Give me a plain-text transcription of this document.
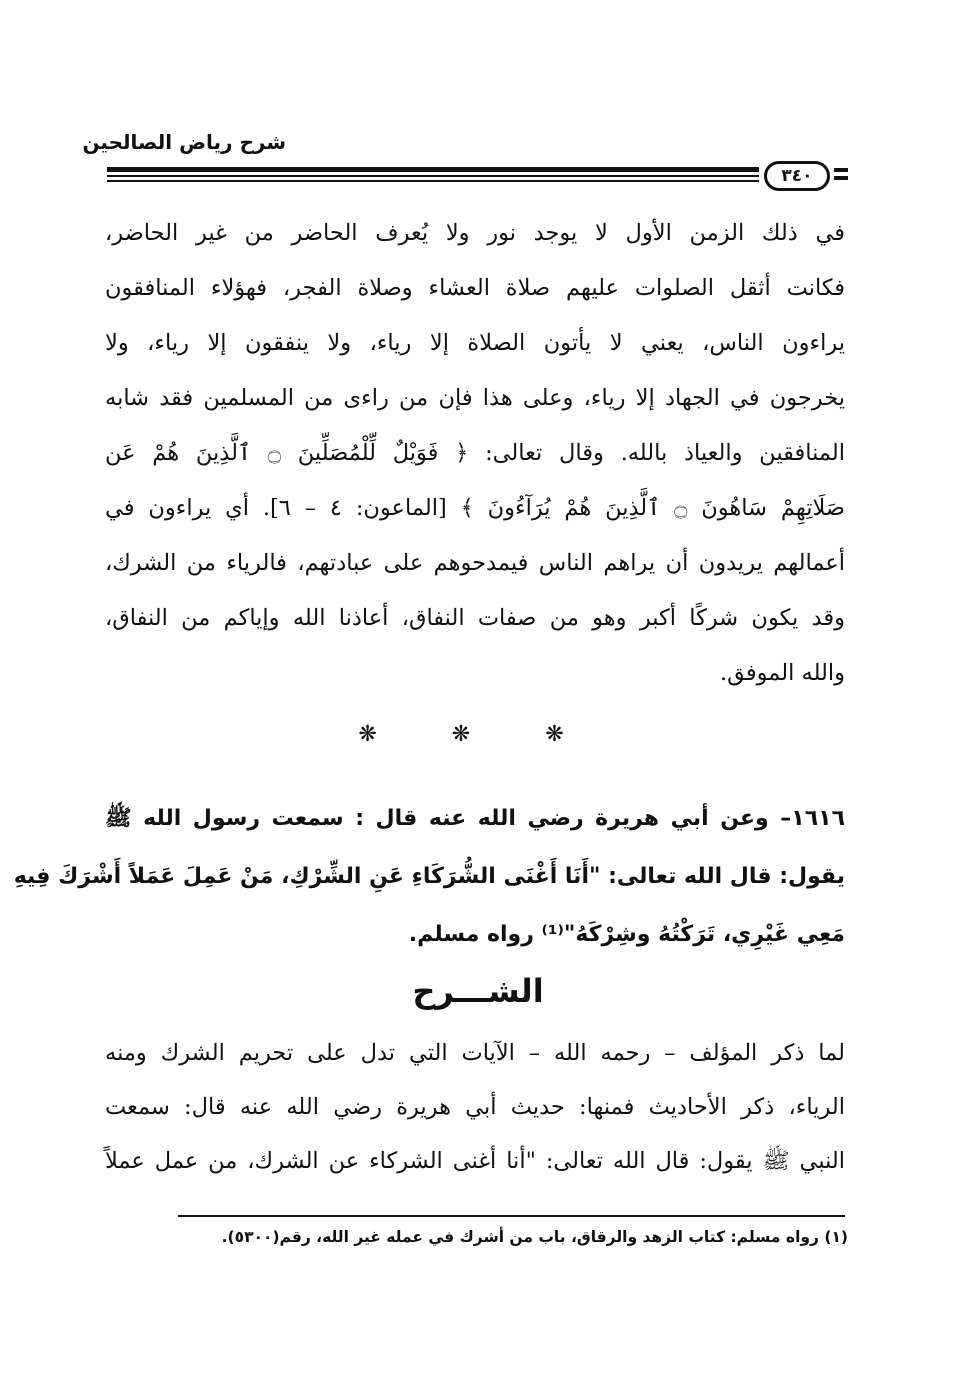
شرح رياض الصالحين
٣٤٠
في ذلك الزمن الأول لا يوجد نور ولا يُعرف الحاضر من غير الحاضر،
فكانت أثقل الصلوات عليهم صلاة العشاء وصلاة الفجر، فهؤلاء المنافقون
يراءون الناس، يعني لا يأتون الصلاة إلا رياء، ولا ينفقون إلا رياء، ولا
يخرجون في الجهاد إلا رياء، وعلى هذا فإن من راءى من المسلمين فقد شابه
المنافقين والعياذ بالله. وقال تعالى: ﴿ فَوَيْلٌ لِّلْمُصَلِّينَ ۝ ٱلَّذِينَ هُمْ عَن
صَلَاتِهِمْ سَاهُونَ ۝ ٱلَّذِينَ هُمْ يُرَآءُونَ ﴾ [الماعون: ٤ – ٦]. أي يراءون في
أعمالهم يريدون أن يراهم الناس فيمدحوهم على عبادتهم، فالرياء من الشرك،
وقد يكون شركًا أكبر وهو من صفات النفاق، أعاذنا الله وإياكم من النفاق،
والله الموفق.
❋ ❋ ❋
١٦١٦– وعن أبي هريرة رضي الله عنه قال : سمعت رسول الله ﷺ
يقول: قال الله تعالى: "أَنَا أَغْنَى الشُّرَكَاءِ عَنِ الشِّرْكِ، مَنْ عَمِلَ عَمَلاً أَشْرَكَ فِيهِ
مَعِي غَيْرِي، تَرَكْتُهُ وشِرْكَهُ"⁽¹⁾ رواه مسلم.
الشـــرح
لما ذكر المؤلف – رحمه الله – الآيات التي تدل على تحريم الشرك ومنه
الرياء، ذكر الأحاديث فمنها: حديث أبي هريرة رضي الله عنه قال: سمعت
النبي ﷺ يقول: قال الله تعالى: "أنا أغنى الشركاء عن الشرك، من عمل عملاً
(١) رواه مسلم: كتاب الزهد والرقاق، باب من أشرك في عمله غير الله، رقم(٥٣٠٠).
